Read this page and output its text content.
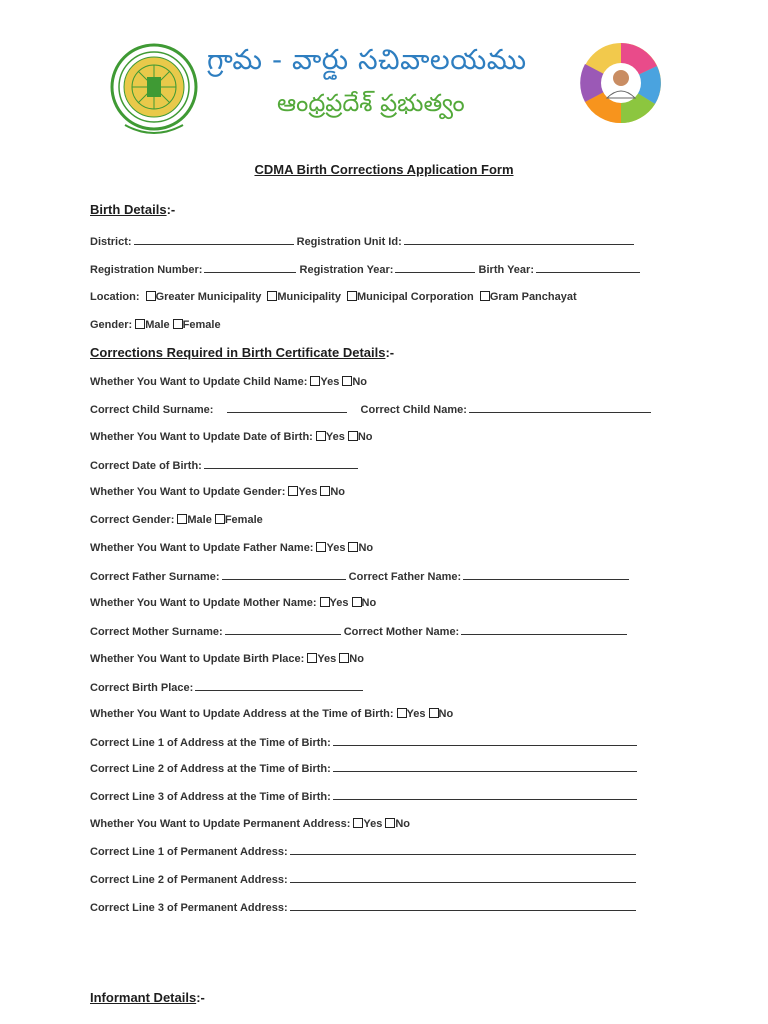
గ్రామ - వార్డు సచివాలయము
ఆంధ్రప్రదేశ్ ప్రభుత్వం
CDMA Birth Corrections Application Form
Birth Details:-
District:	Registration Unit Id:
Registration Number:	Registration Year:	Birth Year:
Location: Greater Municipality Municipality Municipal Corporation Gram Panchayat
Gender: Male Female
Corrections Required in Birth Certificate Details:-
Whether You Want to Update Child Name: Yes No
Correct Child Surname:	Correct Child Name:
Whether You Want to Update Date of Birth: Yes No
Correct Date of Birth:
Whether You Want to Update Gender: Yes No
Correct Gender: Male Female
Whether You Want to Update Father Name: Yes No
Correct Father Surname:	Correct Father Name:
Whether You Want to Update Mother Name: Yes No
Correct Mother Surname:	Correct Mother Name:
Whether You Want to Update Birth Place: Yes No
Correct Birth Place:
Whether You Want to Update Address at the Time of Birth: Yes No
Correct Line 1 of Address at the Time of Birth:
Correct Line 2 of Address at the Time of Birth:
Correct Line 3 of Address at the Time of Birth:
Whether You Want to Update Permanent Address: Yes No
Correct Line 1 of Permanent Address:
Correct Line 2 of Permanent Address:
Correct Line 3 of Permanent Address:
Informant Details:-
